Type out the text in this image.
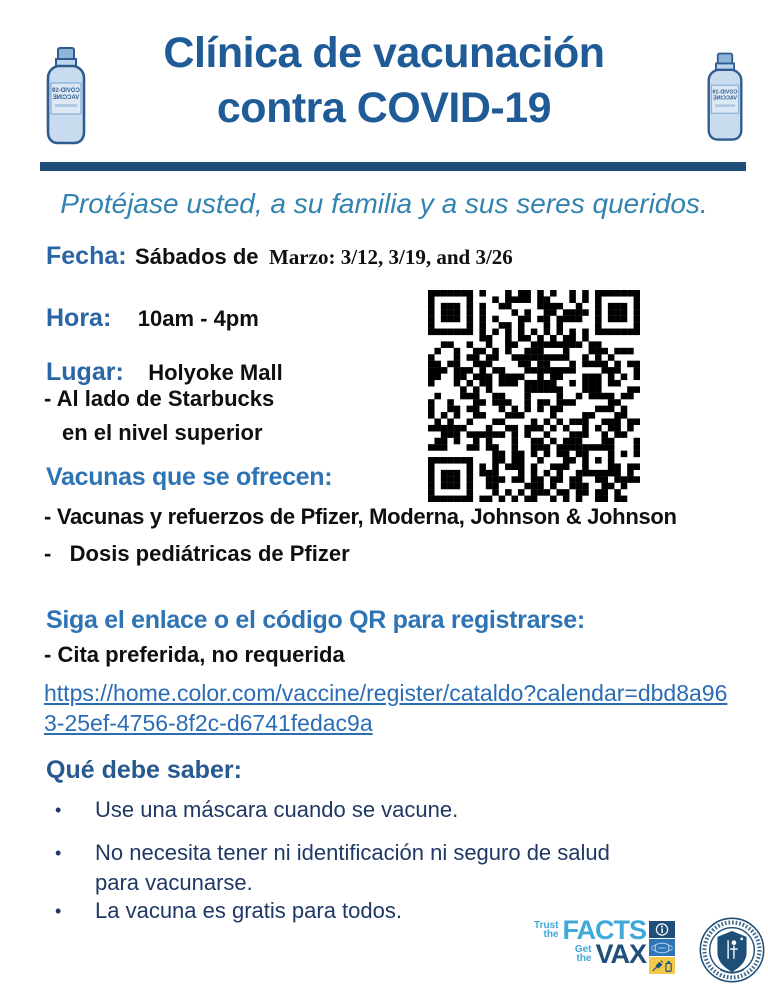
COVID-19
VACCINE
COVID-19
VACCINE
Clínica de vacunación
contra COVID-19
Protéjase usted, a su familia y a sus seres queridos.
Fecha: Sábados de Marzo: 3/12, 3/19, and 3/26
Hora: 10am - 4pm
Lugar: Holyoke Mall
- Al lado de Starbucks
en el nivel superior
Vacunas que se ofrecen:
- Vacunas y refuerzos de Pfizer, Moderna, Johnson & Johnson
-   Dosis pediátricas de Pfizer
Siga el enlace o el código QR para registrarse:
- Cita preferida, no requerida
https://home.color.com/vaccine/register/cataldo?calendar=dbd8a96
3-25ef-4756-8f2c-d6741fedac9a
Qué debe saber:
• Use una máscara cuando se vacune.
• No necesita tener ni identificación ni seguro de salud para vacunarse.
• La vacuna es gratis para todos.
Trust
the FACTS
Get
the VAX
